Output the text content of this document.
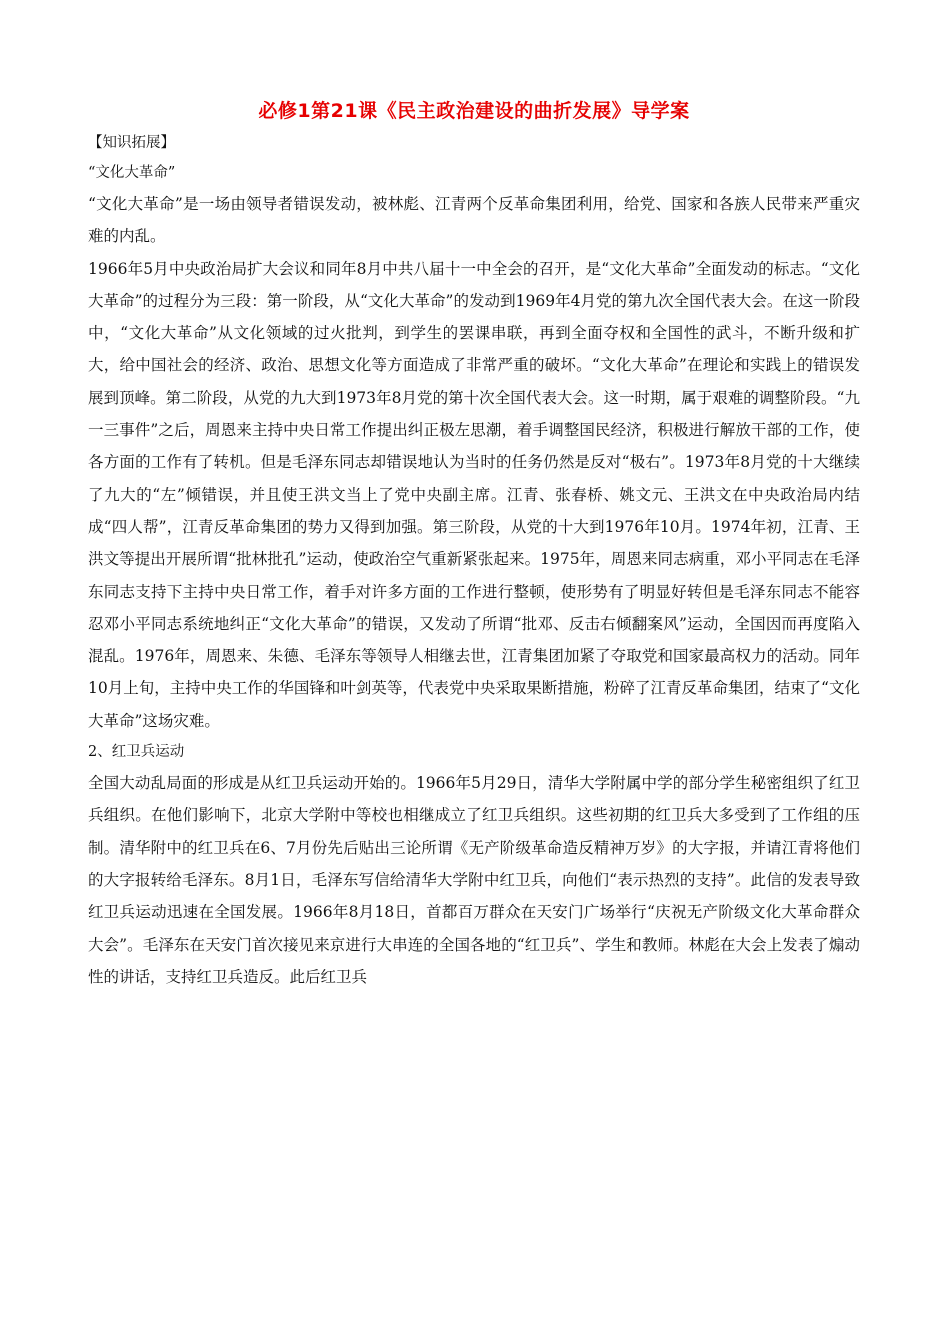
必修1第21课《民主政治建设的曲折发展》导学案
【知识拓展】
“文化大革命”

“文化大革命”是一场由领导者错误发动，被林彪、江青两个反革命集团利用，给党、国家和各族人民带来严重灾难的内乱。

1966年5月中央政治局扩大会议和同年8月中共八届十一中全会的召开，是“文化大革命”全面发动的标志。“文化大革命”的过程分为三段：第一阶段，从“文化大革命”的发动到1969年4月党的第九次全国代表大会。在这一阶段中，“文化大革命”从文化领域的过火批判，到学生的罢课串联，再到全面夺权和全国性的武斗，不断升级和扩大，给中国社会的经济、政治、思想文化等方面造成了非常严重的破坏。“文化大革命”在理论和实践上的错误发展到顶峰。第二阶段，从党的九大到1973年8月党的第十次全国代表大会。这一时期，属于艰难的调整阶段。“九一三事件”之后，周恩来主持中央日常工作提出纠正极左思潮，着手调整国民经济，积极进行解放干部的工作，使各方面的工作有了转机。但是毛泽东同志却错误地认为当时的任务仍然是反对“极右”。1973年8月党的十大继续了九大的“左”倾错误，并且使王洪文当上了党中央副主席。江青、张春桥、姚文元、王洪文在中央政治局内结成“四人帮”，江青反革命集团的势力又得到加强。第三阶段，从党的十大到1976年10月。1974年初，江青、王洪文等提出开展所谓“批林批孔”运动，使政治空气重新紧张起来。1975年，周恩来同志病重，邓小平同志在毛泽东同志支持下主持中央日常工作，着手对许多方面的工作进行整顿，使形势有了明显好转但是毛泽东同志不能容忍邓小平同志系统地纠正“文化大革命”的错误，又发动了所谓“批邓、反击右倾翻案风”运动，全国因而再度陷入混乱。1976年，周恩来、朱德、毛泽东等领导人相继去世，江青集团加紧了夺取党和国家最高权力的活动。同年10月上旬，主持中央工作的华国锋和叶剑英等，代表党中央采取果断措施，粉碎了江青反革命集团，结束了“文化大革命”这场灾难。

2、红卫兵运动

全国大动乱局面的形成是从红卫兵运动开始的。1966年5月29日，清华大学附属中学的部分学生秘密组织了红卫兵组织。在他们影响下，北京大学附中等校也相继成立了红卫兵组织。这些初期的红卫兵大多受到了工作组的压制。清华附中的红卫兵在6、7月份先后贴出三论所谓《无产阶级革命造反精神万岁》的大字报，并请江青将他们的大字报转给毛泽东。8月1日，毛泽东写信给清华大学附中红卫兵，向他们“表示热烈的支持”。此信的发表导致红卫兵运动迅速在全国发展。1966年8月18日，首都百万群众在天安门广场举行“庆祝无产阶级文化大革命群众大会”。毛泽东在天安门首次接见来京进行大串连的全国各地的“红卫兵”、学生和教师。林彪在大会上发表了煽动性的讲话，支持红卫兵造反。此后红卫兵
